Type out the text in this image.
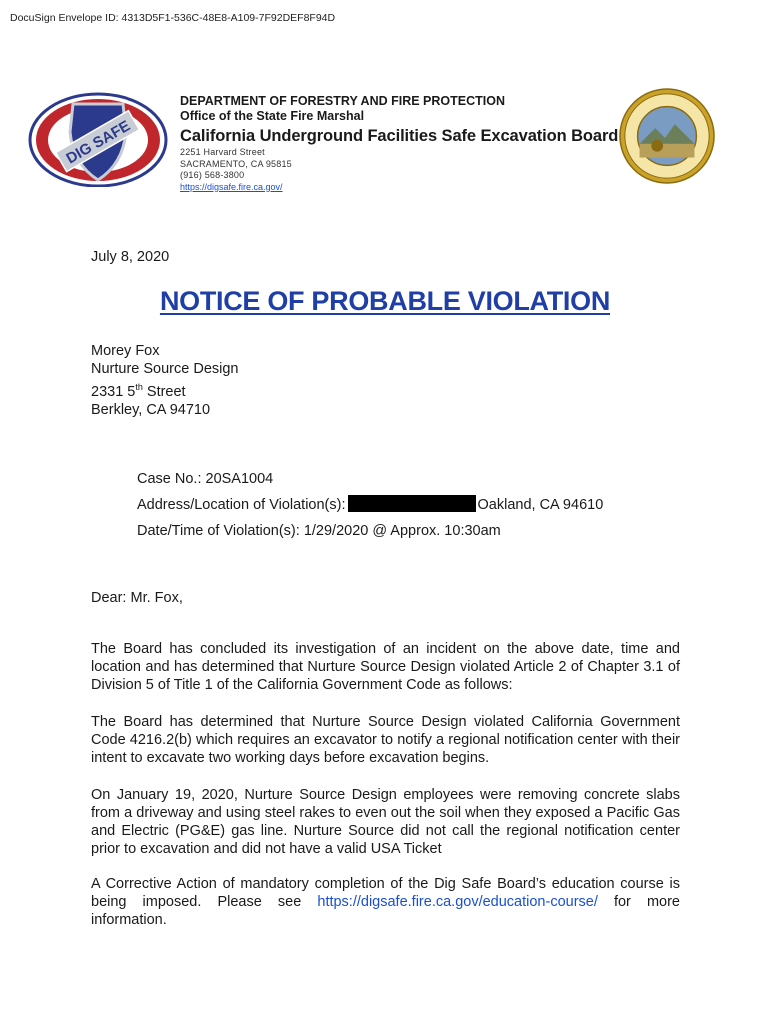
DocuSign Envelope ID: 4313D5F1-536C-48E8-A109-7F92DEF8F94D
DIG SAFE
DEPARTMENT OF FORESTRY AND FIRE PROTECTION
Office of the State Fire Marshal
California Underground Facilities Safe Excavation Board
2251 Harvard Street
SACRAMENTO, CA 95815
(916) 568-3800
https://digsafe.fire.ca.gov/
July 8, 2020
NOTICE OF PROBABLE VIOLATION
Morey Fox
Nurture Source Design
2331 5th Street
Berkley, CA 94710
Case No.: 20SA1004
Address/Location of Violation(s):	Oakland, CA 94610
Date/Time of Violation(s): 1/29/2020 @ Approx. 10:30am
Dear: Mr. Fox,
The Board has concluded its investigation of an incident on the above date, time and location and has determined that Nurture Source Design violated Article 2 of Chapter 3.1 of Division 5 of Title 1 of the California Government Code as follows:
The Board has determined that Nurture Source Design violated California Government Code 4216.2(b) which requires an excavator to notify a regional notification center with their intent to excavate two working days before excavation begins.
On January 19, 2020, Nurture Source Design employees were removing concrete slabs from a driveway and using steel rakes to even out the soil when they exposed a Pacific Gas and Electric (PG&E) gas line. Nurture Source did not call the regional notification center prior to excavation and did not have a valid USA Ticket
A Corrective Action of mandatory completion of the Dig Safe Board’s education course is being imposed. Please see https://digsafe.fire.ca.gov/education-course/ for more information.
